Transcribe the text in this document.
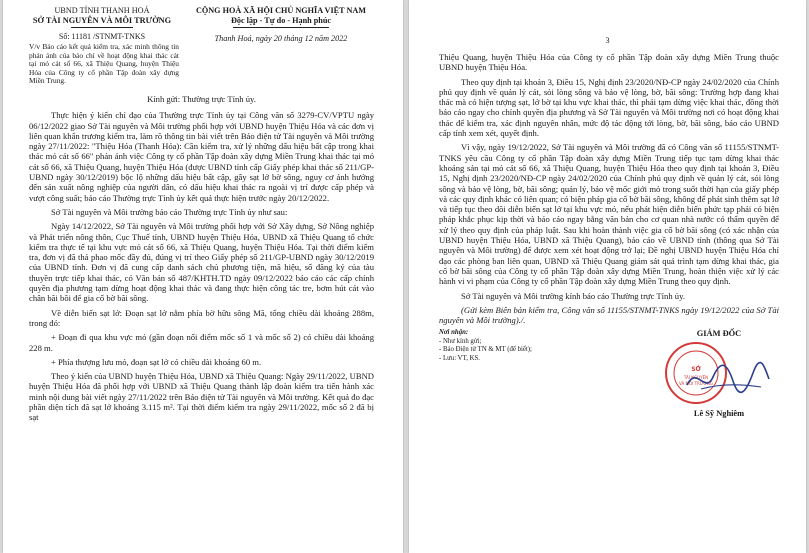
UBND TỈNH THANH HOÁ
SỞ TÀI NGUYÊN VÀ MÔI TRƯỜNG
Số: 11181 /STNMT-TNKS
V/v Báo cáo kết quả kiểm tra, xác minh thông tin phản ánh của báo chí về hoạt động khai thác cát tại mỏ cát số 66, xã Thiệu Quang, huyện Thiệu Hóa của Công ty cổ phần Tập đoàn xây dựng Miền Trung.
CỘNG HOÀ XÃ HỘI CHỦ NGHĨA VIỆT NAM
Độc lập - Tự do - Hạnh phúc
Thanh Hoá, ngày 20 tháng 12 năm 2022
Kính gửi: Thường trực Tỉnh ủy.

Thực hiện ý kiến chỉ đạo của Thường trực Tỉnh ủy tại Công văn số 3279-CV/VPTU ngày 06/12/2022 giao Sở Tài nguyên và Môi trường phối hợp với UBND huyện Thiệu Hóa và các đơn vị liên quan khẩn trương kiểm tra, làm rõ thông tin bài viết trên Báo điện tử Tài nguyên và Môi trường ngày 27/11/2022: "Thiệu Hóa (Thanh Hóa): Cần kiểm tra, xử lý những dấu hiệu bất cập trong khai thác mỏ cát số 66" phản ánh việc Công ty cổ phần Tập đoàn xây dựng Miền Trung khai thác tại mỏ cát số 66, xã Thiệu Quang, huyện Thiệu Hóa (được UBND tỉnh cấp Giấy phép khai thác số 211/GP-UBND ngày 30/12/2019) bộc lộ những dấu hiệu bất cập, gây sạt lở bờ sông, nguy cơ ảnh hưởng đến sản xuất nông nghiệp của người dân, có dấu hiệu khai thác ra ngoài vị trí được cấp phép và vượt công suất; báo cáo Thường trực Tỉnh ủy kết quả thực hiện trước ngày 20/12/2022.

Sở Tài nguyên và Môi trường báo cáo Thường trực Tỉnh ủy như sau:

Ngày 14/12/2022, Sở Tài nguyên và Môi trường phối hợp với Sở Xây dựng, Sở Nông nghiệp và Phát triển nông thôn, Cục Thuế tỉnh, UBND huyện Thiệu Hóa, UBND xã Thiệu Quang tổ chức kiểm tra thực tế tại khu vực mỏ cát số 66, xã Thiệu Quang, huyện Thiệu Hóa. Tại thời điểm kiểm tra, đơn vị đã thả phao mốc đầy đủ, đúng vị trí theo Giấy phép số 211/GP-UBND ngày 30/12/2019 của UBND tỉnh. Đơn vị đã cung cấp danh sách chủ phương tiện, mã hiệu, số đăng ký của tàu thuyền trực tiếp khai thác, có Văn bản số 487/KHTH.TD ngày 09/12/2022 báo cáo các cấp chính quyền địa phương tạm dừng hoạt động khai thác và đang thực hiện công tác tre, bơm hút cát vào chân bãi bồi để gia cố bờ bãi sông.

Về diễn biến sạt lở: Đoạn sạt lở nằm phía bờ hữu sông Mã, tổng chiều dài khoảng 288m, trong đó:

+ Đoạn đi qua khu vực mỏ (gần đoạn nối điểm mốc số 1 và mốc số 2) có chiều dài khoảng 228 m.

+ Phía thượng lưu mỏ, đoạn sạt lở có chiều dài khoảng 60 m.

Theo ý kiến của UBND huyện Thiệu Hóa, UBND xã Thiệu Quang: Ngày 29/11/2022, UBND huyện Thiệu Hóa đã phối hợp với UBND xã Thiệu Quang thành lập đoàn kiểm tra tiến hành xác minh nội dung bài viết ngày 27/11/2022 trên Báo điện tử Tài nguyên và Môi trường. Kết quả đo đạc phần diện tích đã sạt lở khoảng 3.115 m². Tại thời điểm kiểm tra ngày 29/11/2022, mốc số 2 đã bị sạt

3

Thiệu Quang, huyện Thiệu Hóa của Công ty cổ phần Tập đoàn xây dựng Miền Trung thuộc UBND huyện Thiệu Hóa.

Theo quy định tại khoản 3, Điều 15, Nghị định 23/2020/NĐ-CP ngày 24/02/2020 của Chính phủ quy định về quản lý cát, sỏi lòng sông và bảo vệ lòng, bờ, bãi sông: Trường hợp đang khai thác mà có hiện tượng sạt, lở bờ tại khu vực khai thác, thì phải tạm dừng việc khai thác, đồng thời báo cáo ngay cho chính quyền địa phương và Sở Tài nguyên và Môi trường nơi có hoạt động khai thác để kiểm tra, xác định nguyên nhân, mức độ tác động tới lòng, bờ, bãi sông, báo cáo UBND cấp tỉnh xem xét, quyết định.

Vì vậy, ngày 19/12/2022, Sở Tài nguyên và Môi trường đã có Công văn số 11155/STNMT-TNKS yêu cầu Công ty cổ phần Tập đoàn xây dựng Miền Trung tiếp tục tạm dừng khai thác khoáng sản tại mỏ cát số 66, xã Thiệu Quang, huyện Thiệu Hóa theo quy định tại khoản 3, Điều 15, Nghị định 23/2020/NĐ-CP ngày 24/02/2020 của Chính phủ quy định về quản lý cát, sỏi lòng sông và bảo vệ lòng, bờ, bãi sông; quản lý, bảo vệ mốc giới mỏ trong suốt thời hạn của giấy phép và các quy định khác có liên quan; có biện pháp gia cố bờ bãi sông, không để phát sinh thêm sạt lở và tiếp tục theo dõi diễn biến sạt lở tại khu vực mỏ, nếu phát hiện diễn biến phức tạp phải có biện pháp khắc phục kịp thời và báo cáo ngay bằng văn bản cho cơ quan nhà nước có thẩm quyền để xử lý theo quy định của pháp luật. Sau khi hoàn thành việc gia cố bờ bãi sông (có xác nhận của UBND huyện Thiệu Hóa, UBND xã Thiệu Quang), báo cáo về UBND tỉnh (thông qua Sở Tài nguyên và Môi trường) để được xem xét hoạt động trở lại; Đề nghị UBND huyện Thiệu Hóa chỉ đạo các phòng ban liên quan, UBND xã Thiệu Quang giám sát quá trình tạm dừng khai thác, gia cố bờ bãi sông của Công ty cổ phần Tập đoàn xây dựng Miền Trung, hoàn thiện việc xử lý các hành vi vi phạm của Công ty cổ phần Tập đoàn xây dựng Miền Trung theo quy định.

Sở Tài nguyên và Môi trường kính báo cáo Thường trực Tỉnh ủy.

(Gửi kèm Biên bản kiểm tra, Công văn số 11155/STNMT-TNKS ngày 19/12/2022 của Sở Tài nguyên và Môi trường)./.

Nơi nhận:
- Như kính gửi;
- Báo Điện tử TN & MT (để biết);
- Lưu: VT, KS.
GIÁM ĐỐC
SỞ
TÀI NGUYÊN
VÀ MÔI TRƯỜNG
Lê Sỹ Nghiêm
